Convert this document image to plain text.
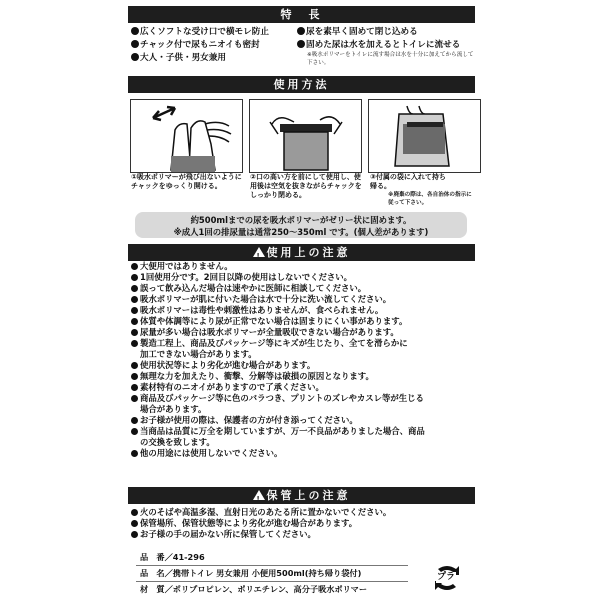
特　長
広くソフトな受け口で横モレ防止
チャック付で尿もニオイも密封
大人・子供・男女兼用
尿を素早く固めて閉じ込める
固めた尿は水を加えるとトイレに流せる
※吸水ポリマーをトイレに流す場合は水を十分に加えてから流して下さい。
使用方法
①吸水ポリマーが飛び出ないようにチャックをゆっくり開ける。
②口の高い方を前にして使用し、使用後は空気を抜きながらチャックをしっかり閉める。
③付属の袋に入れて持ち帰る。
※廃棄の際は、各自治体の指示に従って下さい。
約500mlまでの尿を吸水ポリマーがゼリー状に固めます。
※成人1回の排尿量は通常250～350ml です。(個人差があります)
! 使用上の注意
大便用ではありません。
1回使用分です。2回目以降の使用はしないでください。
誤って飲み込んだ場合は速やかに医師に相談してください。
吸水ポリマーが肌に付いた場合は水で十分に洗い流してください。
吸水ポリマーは毒性や刺激性はありませんが、食べられません。
体質や体調等により尿が正常でない場合は固まりにくい事があります。
尿量が多い場合は吸水ポリマーが全量吸収できない場合があります。
製造工程上、商品及びパッケージ等にキズが生じたり、全てを滑らかに
加工できない場合があります。
使用状況等により劣化が進む場合があります。
無理な力を加えたり、衝撃、分解等は破損の原因となります。
素材特有のニオイがありますので了承ください。
商品及びパッケージ等に色のバラつき、プリントのズレやカスレ等が生じる
場合があります。
お子様が使用の際は、保護者の方が付き添ってください。
当商品は品質に万全を期していますが、万一不良品がありました場合、商品
の交換を致します。
他の用途には使用しないでください。
! 保管上の注意
火のそばや高温多湿、直射日光のあたる所に置かないでください。
保管場所、保管状態等により劣化が進む場合があります。
お子様の手の届かない所に保管してください。
品　番／41-296
品　名／携帯トイレ 男女兼用 小便用500ml(持ち帰り袋付)
材　質／ポリプロピレン、ポリエチレン、高分子吸水ポリマー
プラ
